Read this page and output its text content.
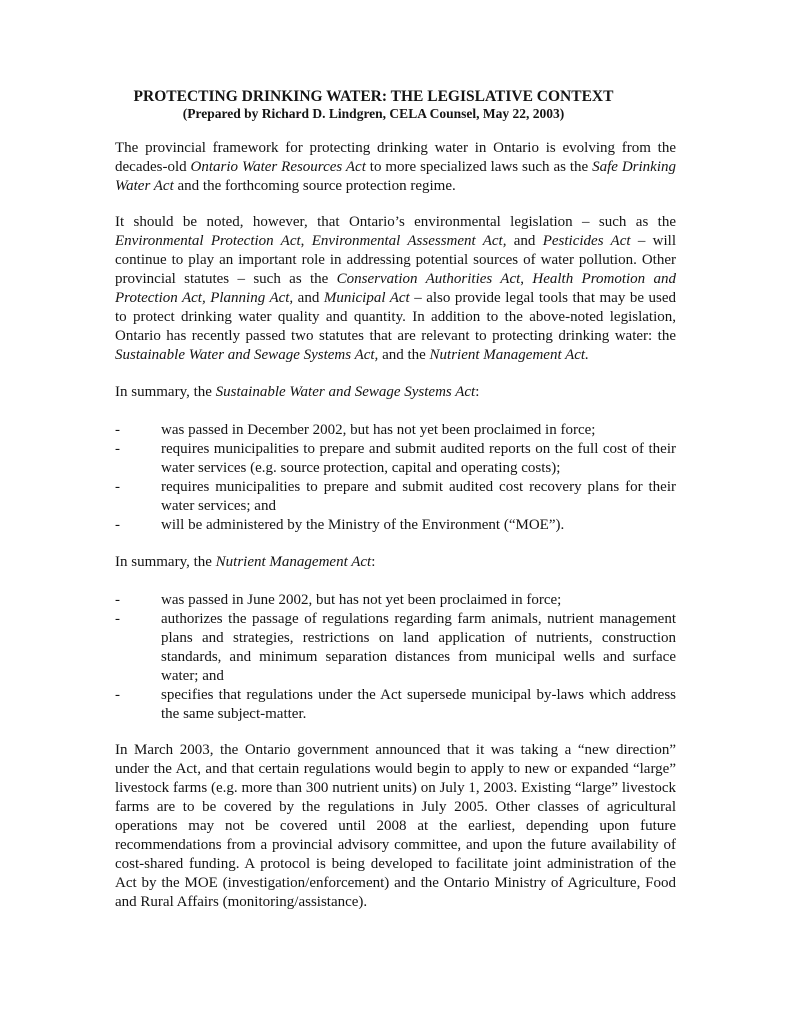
PROTECTING DRINKING WATER: THE LEGISLATIVE CONTEXT
(Prepared by Richard D. Lindgren, CELA Counsel, May 22, 2003)

The provincial framework for protecting drinking water in Ontario is evolving from the decades-old Ontario Water Resources Act to more specialized laws such as the Safe Drinking Water Act and the forthcoming source protection regime.

It should be noted, however, that Ontario’s environmental legislation – such as the Environmental Protection Act, Environmental Assessment Act, and Pesticides Act – will continue to play an important role in addressing potential sources of water pollution. Other provincial statutes – such as the Conservation Authorities Act, Health Promotion and Protection Act, Planning Act, and Municipal Act – also provide legal tools that may be used to protect drinking water quality and quantity. In addition to the above-noted legislation, Ontario has recently passed two statutes that are relevant to protecting drinking water: the Sustainable Water and Sewage Systems Act, and the Nutrient Management Act.

In summary, the Sustainable Water and Sewage Systems Act:

-	was passed in December 2002, but has not yet been proclaimed in force;
-	requires municipalities to prepare and submit audited reports on the full cost of their water services (e.g. source protection, capital and operating costs);
-	requires municipalities to prepare and submit audited cost recovery plans for their water services; and
-	will be administered by the Ministry of the Environment (“MOE”).

In summary, the Nutrient Management Act:

-	was passed in June 2002, but has not yet been proclaimed in force;
-	authorizes the passage of regulations regarding farm animals, nutrient management plans and strategies, restrictions on land application of nutrients, construction standards, and minimum separation distances from municipal wells and surface water; and
-	specifies that regulations under the Act supersede municipal by-laws which address the same subject-matter.

In March 2003, the Ontario government announced that it was taking a “new direction” under the Act, and that certain regulations would begin to apply to new or expanded “large” livestock farms (e.g. more than 300 nutrient units) on July 1, 2003. Existing “large” livestock farms are to be covered by the regulations in July 2005. Other classes of agricultural operations may not be covered until 2008 at the earliest, depending upon future recommendations from a provincial advisory committee, and upon the future availability of cost-shared funding. A protocol is being developed to facilitate joint administration of the Act by the MOE (investigation/enforcement) and the Ontario Ministry of Agriculture, Food and Rural Affairs (monitoring/assistance).
